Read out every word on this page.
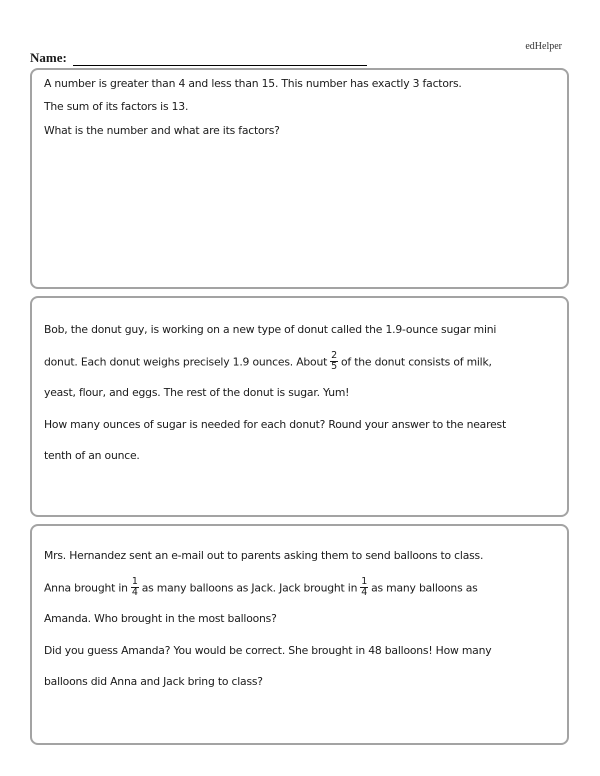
edHelper
Name:
A number is greater than 4 and less than 15. This number has exactly 3 factors.
The sum of its factors is 13.
What is the number and what are its factors?
Bob, the donut guy, is working on a new type of donut called the 1.9-ounce sugar mini
donut. Each donut weighs precisely 1.9 ounces. About $\frac{2}{5}$ of the donut consists of milk,
yeast, flour, and eggs. The rest of the donut is sugar. Yum!
How many ounces of sugar is needed for each donut? Round your answer to the nearest
tenth of an ounce.
Mrs. Hernandez sent an e-mail out to parents asking them to send balloons to class.
Anna brought in $\frac{1}{4}$ as many balloons as Jack. Jack brought in $\frac{1}{4}$ as many balloons as
Amanda. Who brought in the most balloons?
Did you guess Amanda? You would be correct. She brought in 48 balloons! How many
balloons did Anna and Jack bring to class?
